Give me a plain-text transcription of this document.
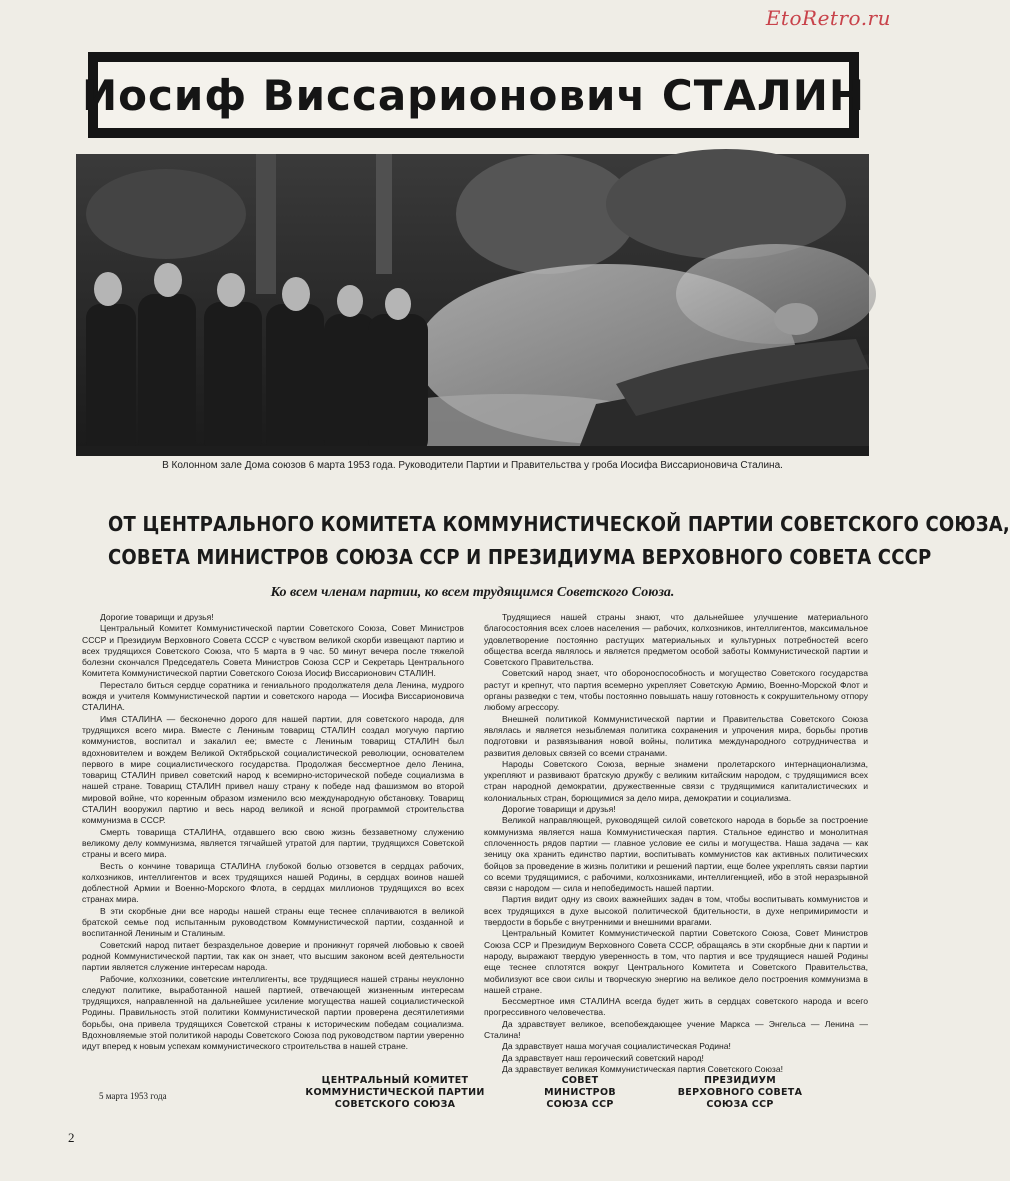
EtoRetro.ru
Иосиф Виссарионович СТАЛИН
В Колонном зале Дома союзов 6 марта 1953 года. Руководители Партии и Правительства у гроба Иосифа Виссарионовича Сталина.
ОТ ЦЕНТРАЛЬНОГО КОМИТЕТА КОММУНИСТИЧЕСКОЙ ПАРТИИ СОВЕТСКОГО СОЮЗА,
СОВЕТА МИНИСТРОВ СОЮЗА ССР И ПРЕЗИДИУМА ВЕРХОВНОГО СОВЕТА СССР
Ко всем членам партии, ко всем трудящимся Советского Союза.

Дорогие товарищи и друзья!

Центральный Комитет Коммунистической партии Советского Союза, Совет Министров СССР и Президиум Верховного Совета СССР с чувством великой скорби извещают партию и всех трудящихся Советского Союза, что 5 марта в 9 час. 50 минут вечера после тяжелой болезни скончался Председатель Совета Министров Союза ССР и Секретарь Центрального Комитета Коммунистической партии Советского Союза Иосиф Виссарионович СТАЛИН.

Перестало биться сердце соратника и гениального продолжателя дела Ленина, мудрого вождя и учителя Коммунистической партии и советского народа — Иосифа Виссарионовича СТАЛИНА.

Имя СТАЛИНА — бесконечно дорого для нашей партии, для советского народа, для трудящихся всего мира. Вместе с Лениным товарищ СТАЛИН создал могучую партию коммунистов, воспитал и закалил ее; вместе с Лениным товарищ СТАЛИН был вдохновителем и вождем Великой Октябрьской социалистической революции, основателем первого в мире социалистического государства. Продолжая бессмертное дело Ленина, товарищ СТАЛИН привел советский народ к всемирно-исторической победе социализма в нашей стране. Товарищ СТАЛИН привел нашу страну к победе над фашизмом во второй мировой войне, что коренным образом изменило всю международную обстановку. Товарищ СТАЛИН вооружил партию и весь народ великой и ясной программой строительства коммунизма в СССР.

Смерть товарища СТАЛИНА, отдавшего всю свою жизнь беззаветному служению великому делу коммунизма, является тягчайшей утратой для партии, трудящихся Советской страны и всего мира.

Весть о кончине товарища СТАЛИНА глубокой болью отзовется в сердцах рабочих, колхозников, интеллигентов и всех трудящихся нашей Родины, в сердцах воинов нашей доблестной Армии и Военно-Морского Флота, в сердцах миллионов трудящихся во всех странах мира.

В эти скорбные дни все народы нашей страны еще теснее сплачиваются в великой братской семье под испытанным руководством Коммунистической партии, созданной и воспитанной Лениным и Сталиным.

Советский народ питает безраздельное доверие и проникнут горячей любовью к своей родной Коммунистической партии, так как он знает, что высшим законом всей деятельности партии является служение интересам народа.

Рабочие, колхозники, советские интеллигенты, все трудящиеся нашей страны неуклонно следуют политике, выработанной нашей партией, отвечающей жизненным интересам трудящихся, направленной на дальнейшее усиление могущества нашей социалистической Родины. Правильность этой политики Коммунистической партии проверена десятилетиями борьбы, она привела трудящихся Советской страны к историческим победам социализма. Вдохновляемые этой политикой народы Советского Союза под руководством партии уверенно идут вперед к новым успехам коммунистического строительства в нашей стране.

Трудящиеся нашей страны знают, что дальнейшее улучшение материального благосостояния всех слоев населения — рабочих, колхозников, интеллигентов, максимальное удовлетворение постоянно растущих материальных и культурных потребностей всего общества всегда являлось и является предметом особой заботы Коммунистической партии и Советского Правительства.

Советский народ знает, что обороноспособность и могущество Советского государства растут и крепнут, что партия всемерно укрепляет Советскую Армию, Военно-Морской Флот и органы разведки с тем, чтобы постоянно повышать нашу готовность к сокрушительному отпору любому агрессору.

Внешней политикой Коммунистической партии и Правительства Советского Союза являлась и является незыблемая политика сохранения и упрочения мира, борьбы против подготовки и развязывания новой войны, политика международного сотрудничества и развития деловых связей со всеми странами.

Народы Советского Союза, верные знамени пролетарского интернационализма, укрепляют и развивают братскую дружбу с великим китайским народом, с трудящимися всех стран народной демократии, дружественные связи с трудящимися капиталистических и колониальных стран, борющимися за дело мира, демократии и социализма.

Дорогие товарищи и друзья!

Великой направляющей, руководящей силой советского народа в борьбе за построение коммунизма является наша Коммунистическая партия. Стальное единство и монолитная сплоченность рядов партии — главное условие ее силы и могущества. Наша задача — как зеницу ока хранить единство партии, воспитывать коммунистов как активных политических бойцов за проведение в жизнь политики и решений партии, еще более укреплять связи партии со всеми трудящимися, с рабочими, колхозниками, интеллигенцией, ибо в этой неразрывной связи с народом — сила и непобедимость нашей партии.

Партия видит одну из своих важнейших задач в том, чтобы воспитывать коммунистов и всех трудящихся в духе высокой политической бдительности, в духе непримиримости и твердости в борьбе с внутренними и внешними врагами.

Центральный Комитет Коммунистической партии Советского Союза, Совет Министров Союза ССР и Президиум Верховного Совета СССР, обращаясь в эти скорбные дни к партии и народу, выражают твердую уверенность в том, что партия и все трудящиеся нашей Родины еще теснее сплотятся вокруг Центрального Комитета и Советского Правительства, мобилизуют все свои силы и творческую энергию на великое дело построения коммунизма в нашей стране.

Бессмертное имя СТАЛИНА всегда будет жить в сердцах советского народа и всего прогрессивного человечества.

Да здравствует великое, всепобеждающее учение Маркса — Энгельса — Ленина — Сталина!

Да здравствует наша могучая социалистическая Родина!

Да здравствует наш героический советский народ!

Да здравствует великая Коммунистическая партия Советского Союза!

5 марта 1953 года
ЦЕНТРАЛЬНЫЙ КОМИТЕТ
КОММУНИСТИЧЕСКОЙ ПАРТИИ
СОВЕТСКОГО СОЮЗА
СОВЕТ
МИНИСТРОВ
СОЮЗА ССР
ПРЕЗИДИУМ
ВЕРХОВНОГО СОВЕТА
СОЮЗА ССР
2
